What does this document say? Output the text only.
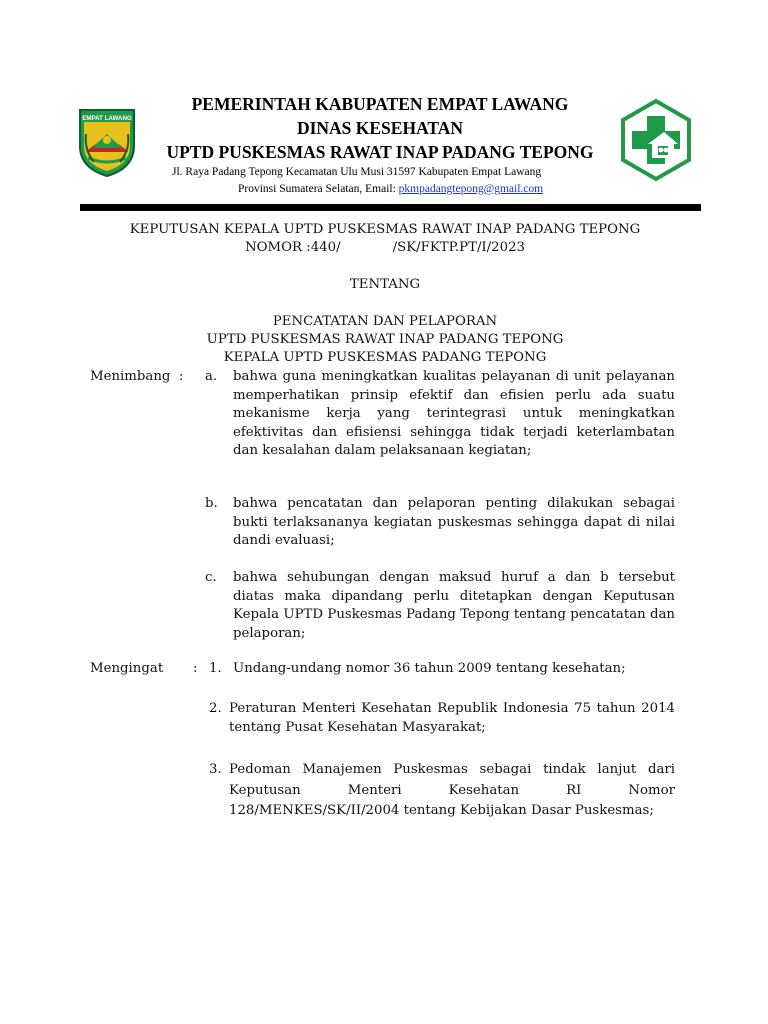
EMPAT LAWANG
PEMERINTAH KABUPATEN EMPAT LAWANG
DINAS KESEHATAN
UPTD PUSKESMAS RAWAT INAP PADANG TEPONG
Jl. Raya Padang Tepong Kecamatan Ulu Musi 31597 Kabupaten Empat Lawang
Provinsi Sumatera Selatan, Email: pkmpadangtepong@gmail.com
KEPUTUSAN KEPALA UPTD PUSKESMAS RAWAT INAP PADANG TEPONG
NOMOR :440/	/SK/FKTP.PT/I/2023
TENTANG
PENCATATAN DAN PELAPORAN
UPTD PUSKESMAS RAWAT INAP PADANG TEPONG
KEPALA UPTD PUSKESMAS PADANG TEPONG
Menimbang : a. bahwa guna meningkatkan kualitas pelayanan di unit pelayanan memperhatikan prinsip efektif dan efisien perlu ada suatu mekanisme kerja yang terintegrasi untuk meningkatkan efektivitas dan efisiensi sehingga tidak terjadi keterlambatan dan kesalahan dalam pelaksanaan kegiatan;
b. bahwa pencatatan dan pelaporan penting dilakukan sebagai bukti terlaksananya kegiatan puskesmas sehingga dapat di nilai dandi evaluasi;
c. bahwa sehubungan dengan maksud huruf a dan b tersebut diatas maka dipandang perlu ditetapkan dengan Keputusan Kepala UPTD Puskesmas Padang Tepong tentang pencatatan dan pelaporan;
Mengingat : 1. Undang-undang nomor 36 tahun 2009 tentang kesehatan;
2. Peraturan Menteri Kesehatan Republik Indonesia 75 tahun 2014 tentang Pusat Kesehatan Masyarakat;
3. Pedoman Manajemen Puskesmas sebagai tindak lanjut dari Keputusan Menteri Kesehatan RI Nomor 128/MENKES/SK/II/2004 tentang Kebijakan Dasar Puskesmas;
